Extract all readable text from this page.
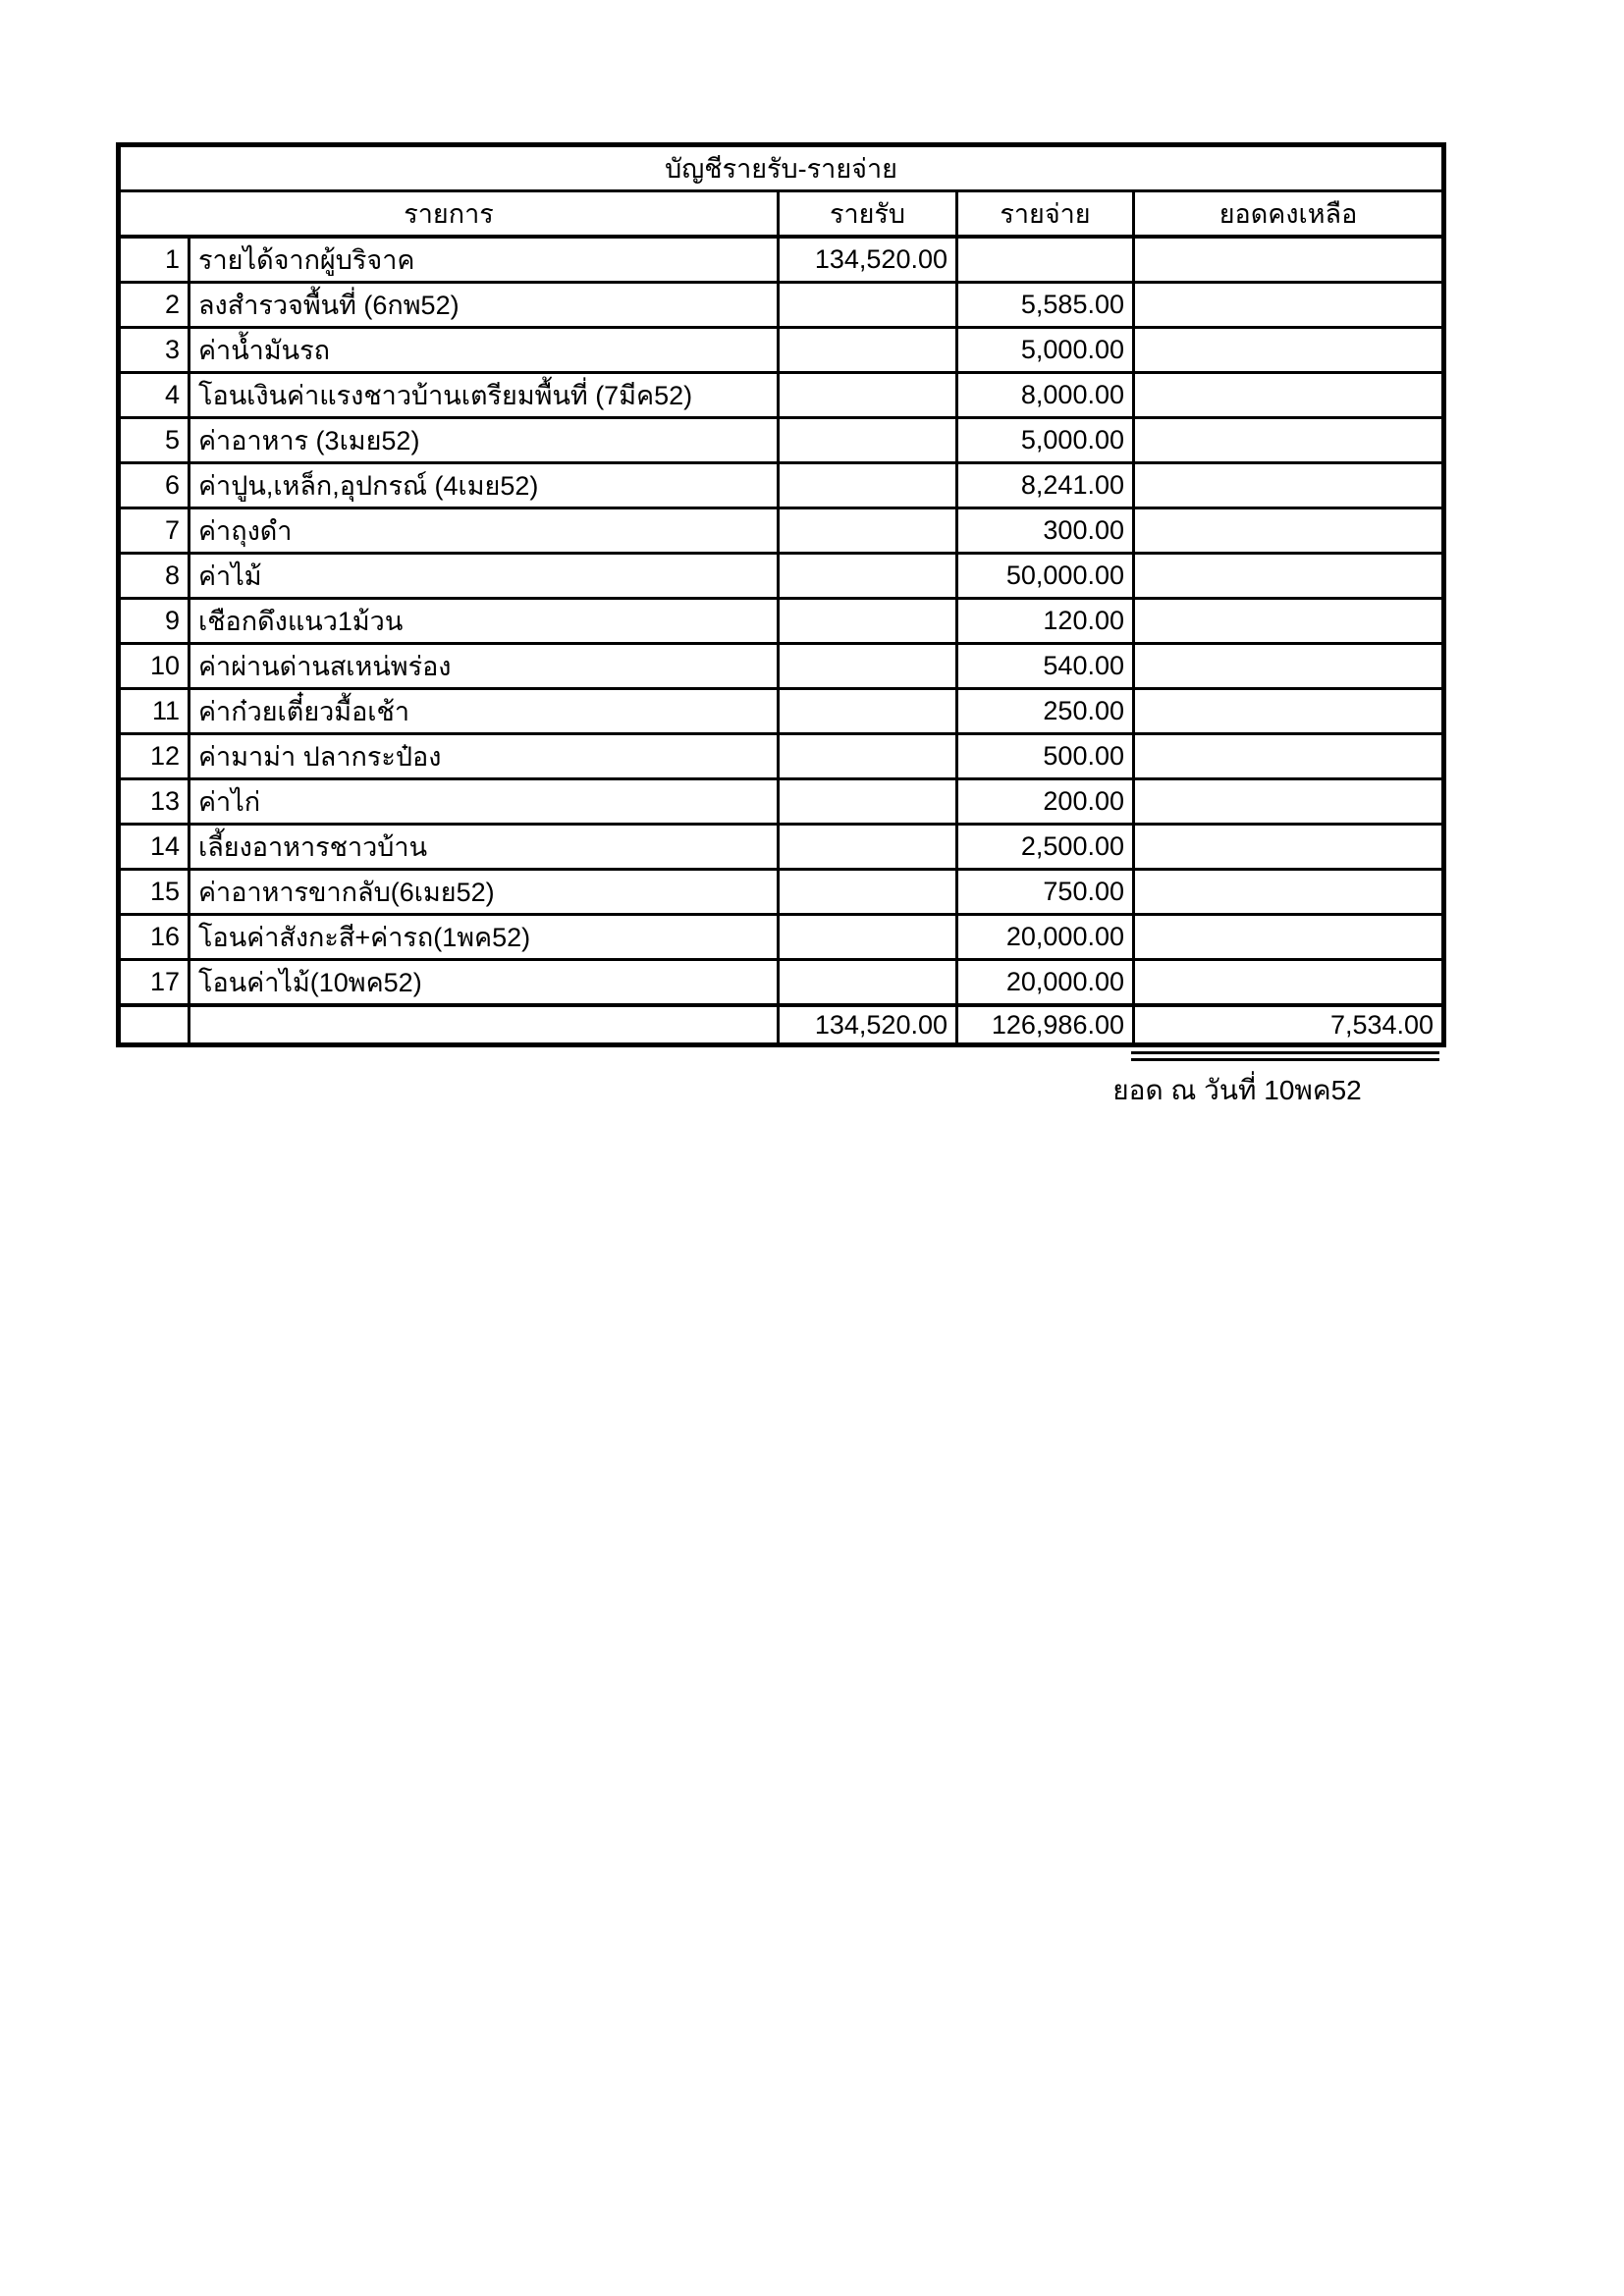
บัญชีรายรับ-รายจ่าย				
รายการ		รายรับ	รายจ่าย	ยอดคงเหลือ
1	รายได้จากผู้บริจาค	134,520.00		
2	ลงสำรวจพื้นที่ (6กพ52)		5,585.00	
3	ค่าน้ำมันรถ		5,000.00	
4	โอนเงินค่าแรงชาวบ้านเตรียมพื้นที่ (7มีค52)		8,000.00	
5	ค่าอาหาร (3เมย52)		5,000.00	
6	ค่าปูน,เหล็ก,อุปกรณ์ (4เมย52)		8,241.00	
7	ค่าถุงดำ		300.00	
8	ค่าไม้		50,000.00	
9	เชือกดึงแนว1ม้วน		120.00	
10	ค่าผ่านด่านสเหน่พร่อง		540.00	
11	ค่าก๋วยเตี๋ยวมื้อเช้า		250.00	
12	ค่ามาม่า ปลากระป๋อง		500.00	
13	ค่าไก่		200.00	
14	เลี้ยงอาหารชาวบ้าน		2,500.00	
15	ค่าอาหารขากลับ(6เมย52)		750.00	
16	โอนค่าสังกะสี+ค่ารถ(1พค52)		20,000.00	
17	โอนค่าไม้(10พค52)		20,000.00	
		134,520.00	126,986.00	7,534.00
ยอด ณ วันที่ 10พค52
